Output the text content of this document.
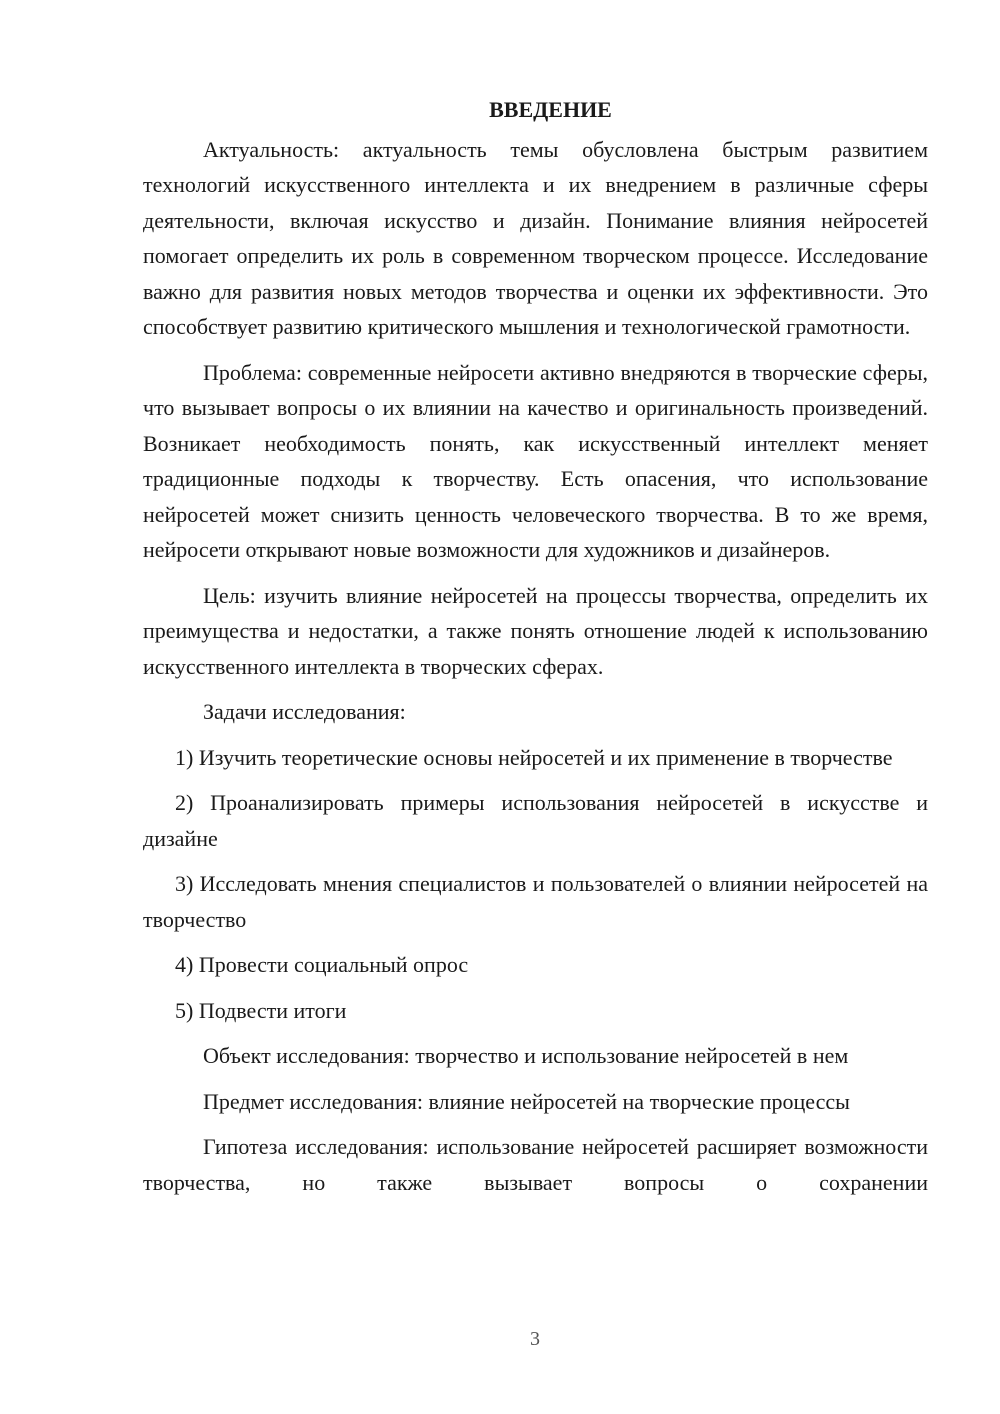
ВВЕДЕНИЕ

Актуальность: актуальность темы обусловлена быстрым развитием технологий искусственного интеллекта и их внедрением в различные сферы деятельности, включая искусство и дизайн. Понимание влияния нейросетей помогает определить их роль в современном творческом процессе. Исследование важно для развития новых методов творчества и оценки их эффективности. Это способствует развитию критического мышления и технологической грамотности.

Проблема: современные нейросети активно внедряются в творческие сферы, что вызывает вопросы о их влиянии на качество и оригинальность произведений. Возникает необходимость понять, как искусственный интеллект меняет традиционные подходы к творчеству. Есть опасения, что использование нейросетей может снизить ценность человеческого творчества. В то же время, нейросети открывают новые возможности для художников и дизайнеров.

Цель: изучить влияние нейросетей на процессы творчества, определить их преимущества и недостатки, а также понять отношение людей к использованию искусственного интеллекта в творческих сферах.

Задачи исследования:

1) Изучить теоретические основы нейросетей и их применение в творчестве

2) Проанализировать примеры использования нейросетей в искусстве и дизайне

3) Исследовать мнения специалистов и пользователей о влиянии нейросетей на творчество

4) Провести социальный опрос

5) Подвести итоги

Объект исследования: творчество и использование нейросетей в нем

Предмет исследования: влияние нейросетей на творческие процессы

Гипотеза исследования: использование нейросетей расширяет возможности творчества, но также вызывает вопросы о сохранении

3
